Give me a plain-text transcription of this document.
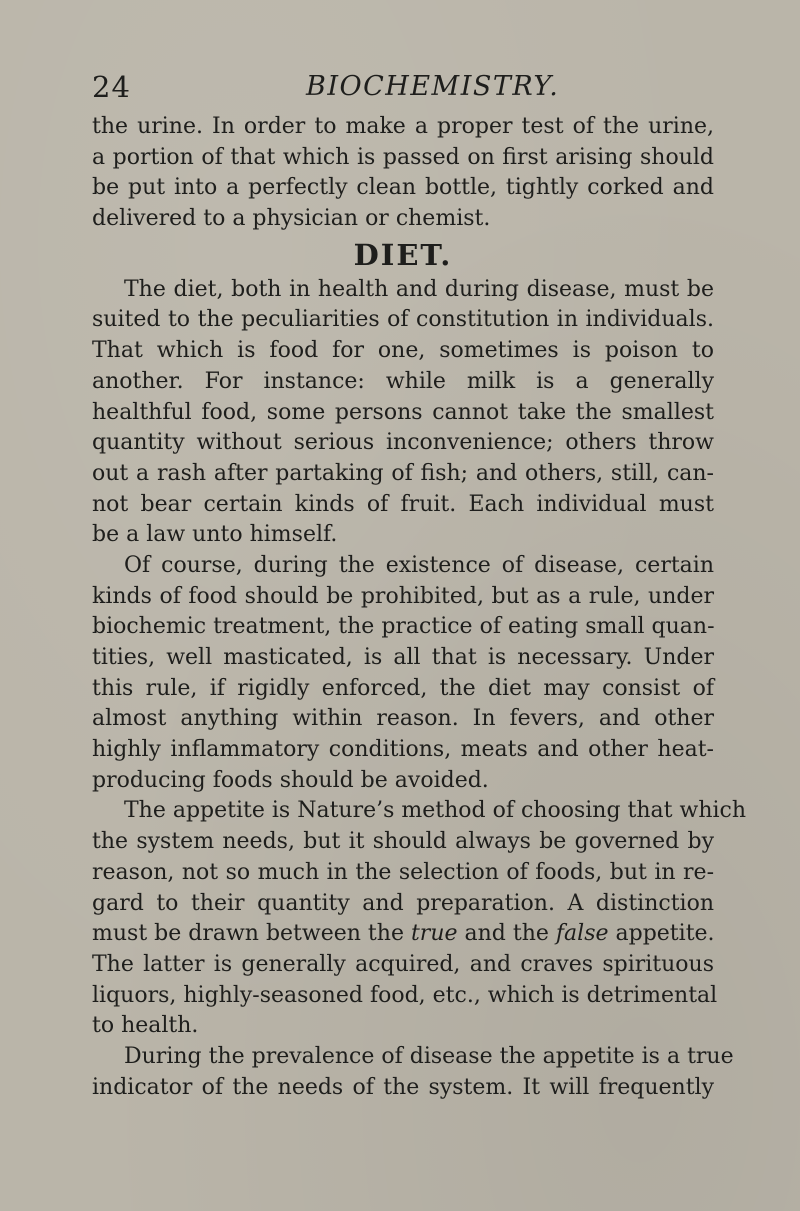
24	BIOCHEMISTRY.
the urine. In order to make a proper test of the urine,
a portion of that which is passed on first arising should
be put into a perfectly clean bottle, tightly corked and
delivered to a physician or chemist.
DIET.
The diet, both in health and during disease, must be
suited to the peculiarities of constitution in individuals.
That which is food for one, sometimes is poison to
another. For instance: while milk is a generally
healthful food, some persons cannot take the smallest
quantity without serious inconvenience; others throw
out a rash after partaking of fish; and others, still, can-
not bear certain kinds of fruit. Each individual must
be a law unto himself.
Of course, during the existence of disease, certain
kinds of food should be prohibited, but as a rule, under
biochemic treatment, the practice of eating small quan-
tities, well masticated, is all that is necessary. Under
this rule, if rigidly enforced, the diet may consist of
almost anything within reason. In fevers, and other
highly inflammatory conditions, meats and other heat-
producing foods should be avoided.
The appetite is Nature’s method of choosing that which
the system needs, but it should always be governed by
reason, not so much in the selection of foods, but in re-
gard to their quantity and preparation. A distinction
must be drawn between the true and the false appetite.
The latter is generally acquired, and craves spirituous
liquors, highly-seasoned food, etc., which is detrimental
to health.
During the prevalence of disease the appetite is a true
indicator of the needs of the system. It will frequently
